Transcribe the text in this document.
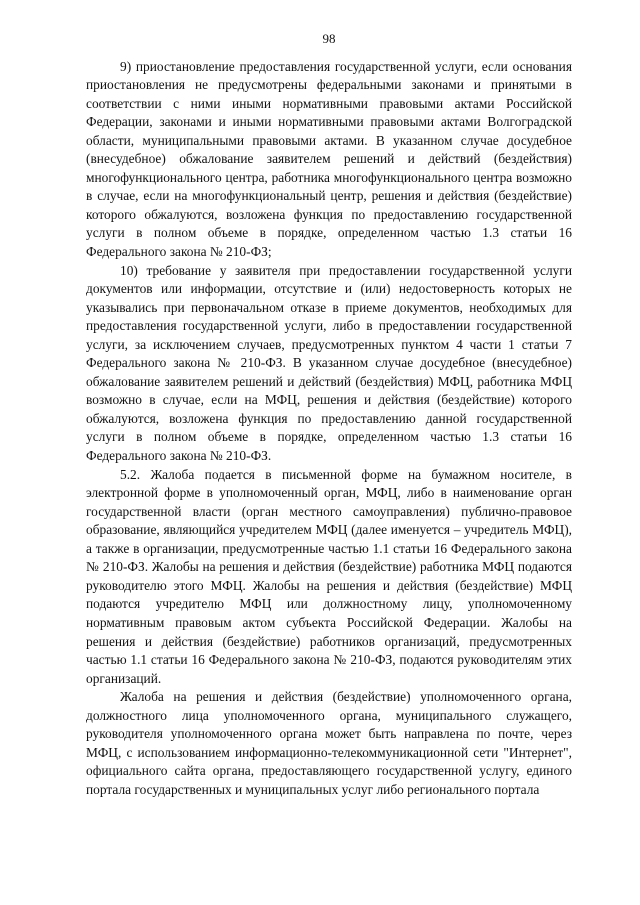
98

9) приостановление предоставления государственной услуги, если основания приостановления не предусмотрены федеральными законами и принятыми в соответствии с ними иными нормативными правовыми актами Российской Федерации, законами и иными нормативными правовыми актами Волгоградской области, муниципальными правовыми актами. В указанном случае досудебное (внесудебное) обжалование заявителем решений и действий (бездействия) многофункционального центра, работника многофункционального центра возможно в случае, если на многофункциональный центр, решения и действия (бездействие) которого обжалуются, возложена функция по предоставлению государственной услуги в полном объеме в порядке, определенном частью 1.3 статьи 16 Федерального закона № 210-ФЗ;

10) требование у заявителя при предоставлении государственной услуги документов или информации, отсутствие и (или) недостоверность которых не указывались при первоначальном отказе в приеме документов, необходимых для предоставления государственной услуги, либо в предоставлении государственной услуги, за исключением случаев, предусмотренных пунктом 4 части 1 статьи 7 Федерального закона № 210-ФЗ. В указанном случае досудебное (внесудебное) обжалование заявителем решений и действий (бездействия) МФЦ, работника МФЦ возможно в случае, если на МФЦ, решения и действия (бездействие) которого обжалуются, возложена функция по предоставлению данной государственной услуги в полном объеме в порядке, определенном частью 1.3 статьи 16 Федерального закона № 210-ФЗ.

5.2. Жалоба подается в письменной форме на бумажном носителе, в электронной форме в уполномоченный орган, МФЦ, либо в наименование орган государственной власти (орган местного самоуправления) публично-правовое образование, являющийся учредителем МФЦ (далее именуется – учредитель МФЦ), а также в организации, предусмотренные частью 1.1 статьи 16 Федерального закона № 210-ФЗ. Жалобы на решения и действия (бездействие) работника МФЦ подаются руководителю этого МФЦ. Жалобы на решения и действия (бездействие) МФЦ подаются учредителю МФЦ или должностному лицу, уполномоченному нормативным правовым актом субъекта Российской Федерации. Жалобы на решения и действия (бездействие) работников организаций, предусмотренных частью 1.1 статьи 16 Федерального закона № 210-ФЗ, подаются руководителям этих организаций.

Жалоба на решения и действия (бездействие) уполномоченного органа, должностного лица уполномоченного органа, муниципального служащего, руководителя уполномоченного органа может быть направлена по почте, через МФЦ, с использованием информационно-телекоммуникационной сети "Интернет", официального сайта органа, предоставляющего государственной услугу, единого портала государственных и муниципальных услуг либо регионального портала
